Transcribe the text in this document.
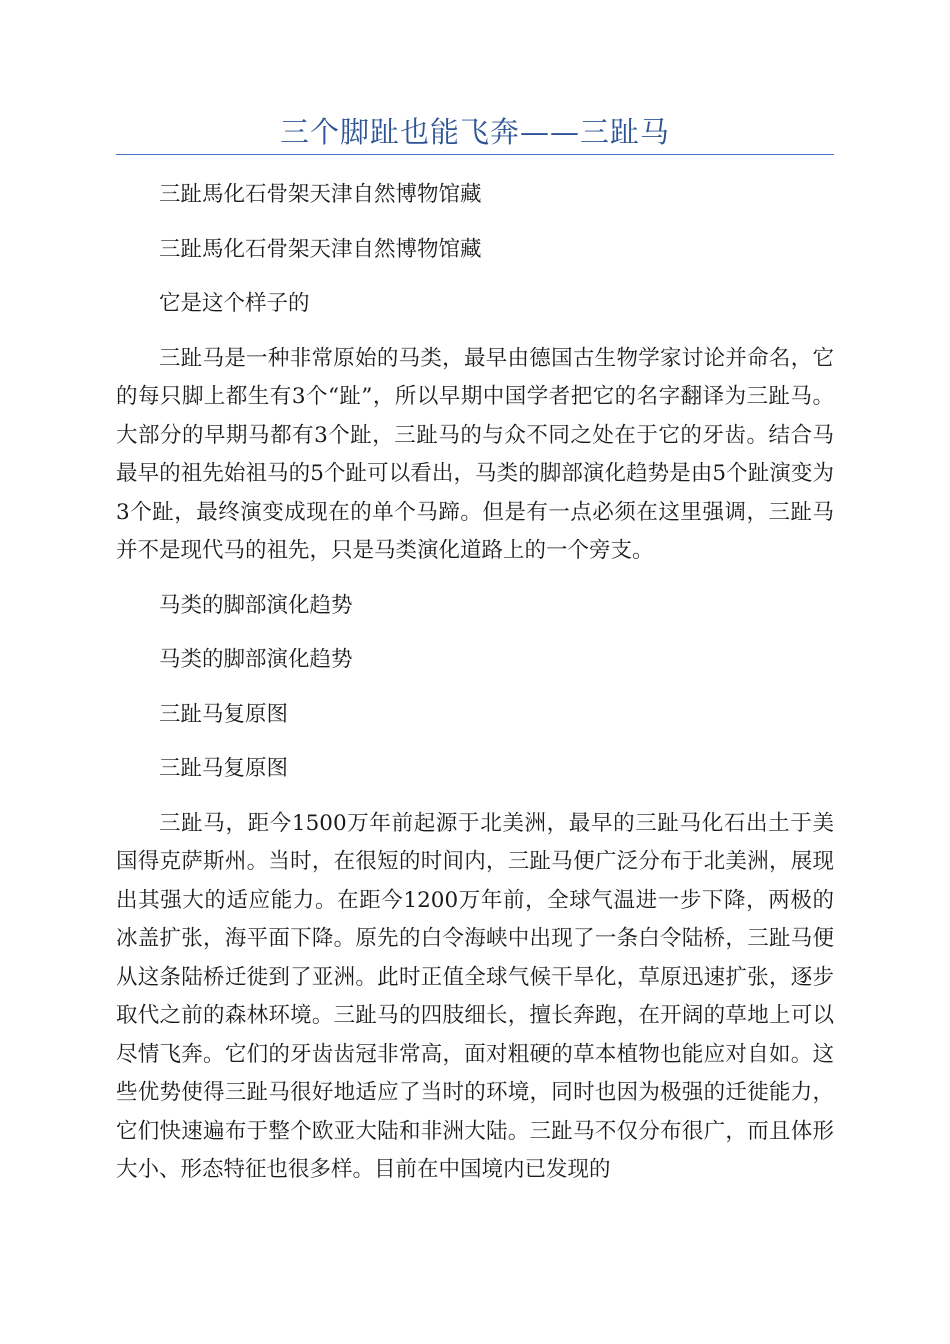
三个脚趾也能飞奔——三趾马

三趾馬化石骨架天津自然博物馆藏

三趾馬化石骨架天津自然博物馆藏

它是这个样子的

三趾马是一种非常原始的马类，最早由德国古生物学家讨论并命名，它的每只脚上都生有3个“趾”，所以早期中国学者把它的名字翻译为三趾马。大部分的早期马都有3个趾，三趾马的与众不同之处在于它的牙齿。结合马最早的祖先始祖马的5个趾可以看出，马类的脚部演化趋势是由5个趾演变为3个趾，最终演变成现在的单个马蹄。但是有一点必须在这里强调，三趾马并不是现代马的祖先，只是马类演化道路上的一个旁支。

马类的脚部演化趋势

马类的脚部演化趋势

三趾马复原图

三趾马复原图

三趾马，距今1500万年前起源于北美洲，最早的三趾马化石出土于美国得克萨斯州。当时，在很短的时间内，三趾马便广泛分布于北美洲，展现出其强大的适应能力。在距今1200万年前，全球气温进一步下降，两极的冰盖扩张，海平面下降。原先的白令海峡中出现了一条白令陆桥，三趾马便从这条陆桥迁徙到了亚洲。此时正值全球气候干旱化，草原迅速扩张，逐步取代之前的森林环境。三趾马的四肢细长，擅长奔跑，在开阔的草地上可以尽情飞奔。它们的牙齿齿冠非常高，面对粗硬的草本植物也能应对自如。这些优势使得三趾马很好地适应了当时的环境，同时也因为极强的迁徙能力，它们快速遍布于整个欧亚大陆和非洲大陆。三趾马不仅分布很广，而且体形大小、形态特征也很多样。目前在中国境内已发现的
